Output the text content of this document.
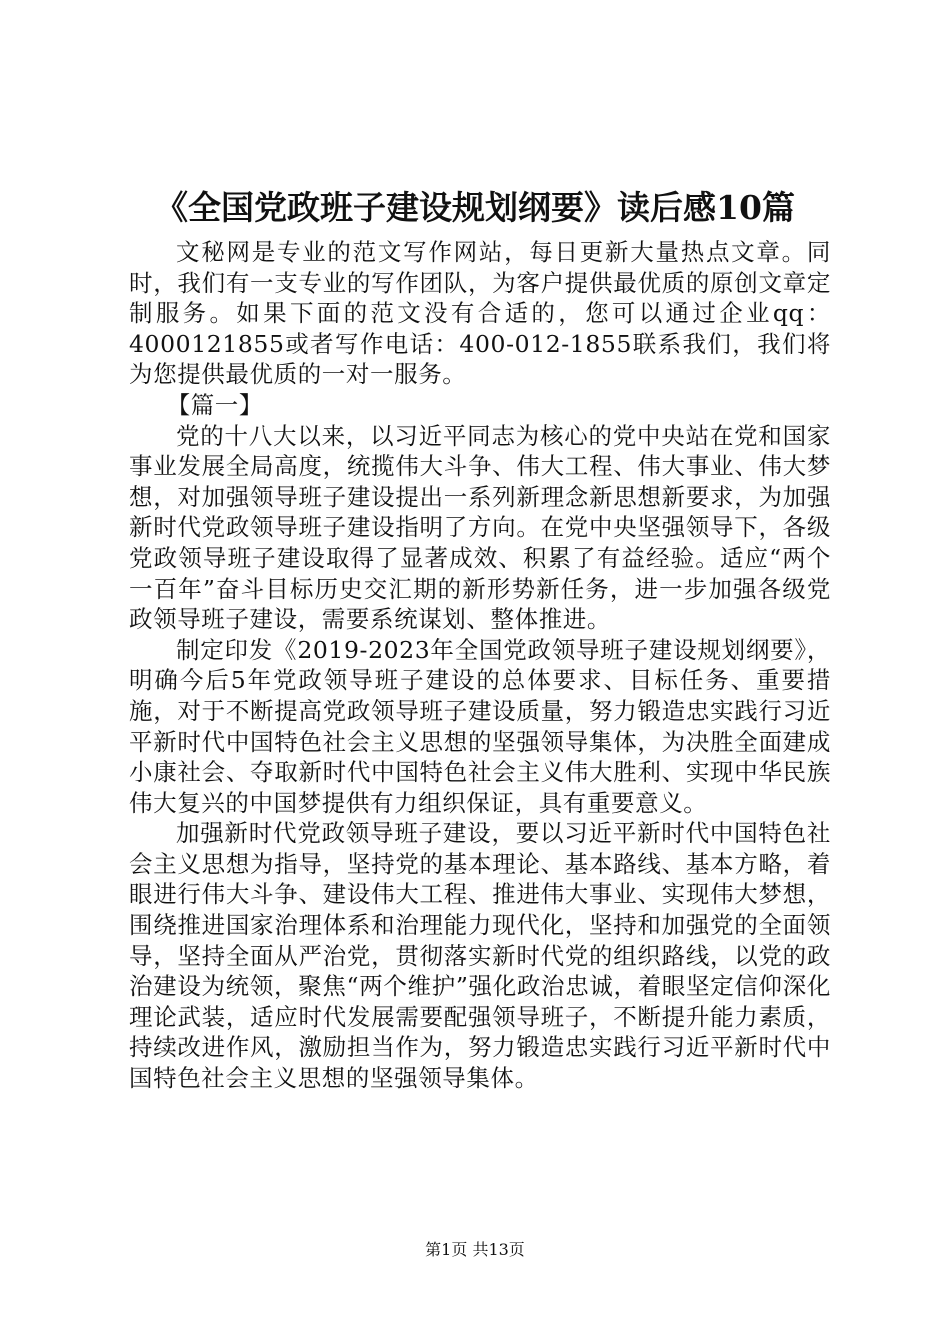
《全国党政班子建设规划纲要》读后感10篇

文秘网是专业的范文写作网站，每日更新大量热点文章。同时，我们有一支专业的写作团队，为客户提供最优质的原创文章定制服务。如果下面的范文没有合适的，您可以通过企业qq：4000121855或者写作电话：400-012-1855联系我们，我们将为您提供最优质的一对一服务。

【篇一】

党的十八大以来，以习近平同志为核心的党中央站在党和国家事业发展全局高度，统揽伟大斗争、伟大工程、伟大事业、伟大梦想，对加强领导班子建设提出一系列新理念新思想新要求，为加强新时代党政领导班子建设指明了方向。在党中央坚强领导下，各级党政领导班子建设取得了显著成效、积累了有益经验。适应“两个一百年”奋斗目标历史交汇期的新形势新任务，进一步加强各级党政领导班子建设，需要系统谋划、整体推进。

制定印发《2019-2023年全国党政领导班子建设规划纲要》，明确今后5年党政领导班子建设的总体要求、目标任务、重要措施，对于不断提高党政领导班子建设质量，努力锻造忠实践行习近平新时代中国特色社会主义思想的坚强领导集体，为决胜全面建成小康社会、夺取新时代中国特色社会主义伟大胜利、实现中华民族伟大复兴的中国梦提供有力组织保证，具有重要意义。

加强新时代党政领导班子建设，要以习近平新时代中国特色社会主义思想为指导，坚持党的基本理论、基本路线、基本方略，着眼进行伟大斗争、建设伟大工程、推进伟大事业、实现伟大梦想，围绕推进国家治理体系和治理能力现代化，坚持和加强党的全面领导，坚持全面从严治党，贯彻落实新时代党的组织路线，以党的政治建设为统领，聚焦“两个维护”强化政治忠诚，着眼坚定信仰深化理论武装，适应时代发展需要配强领导班子，不断提升能力素质，持续改进作风，激励担当作为，努力锻造忠实践行习近平新时代中国特色社会主义思想的坚强领导集体。

第1页 共13页
